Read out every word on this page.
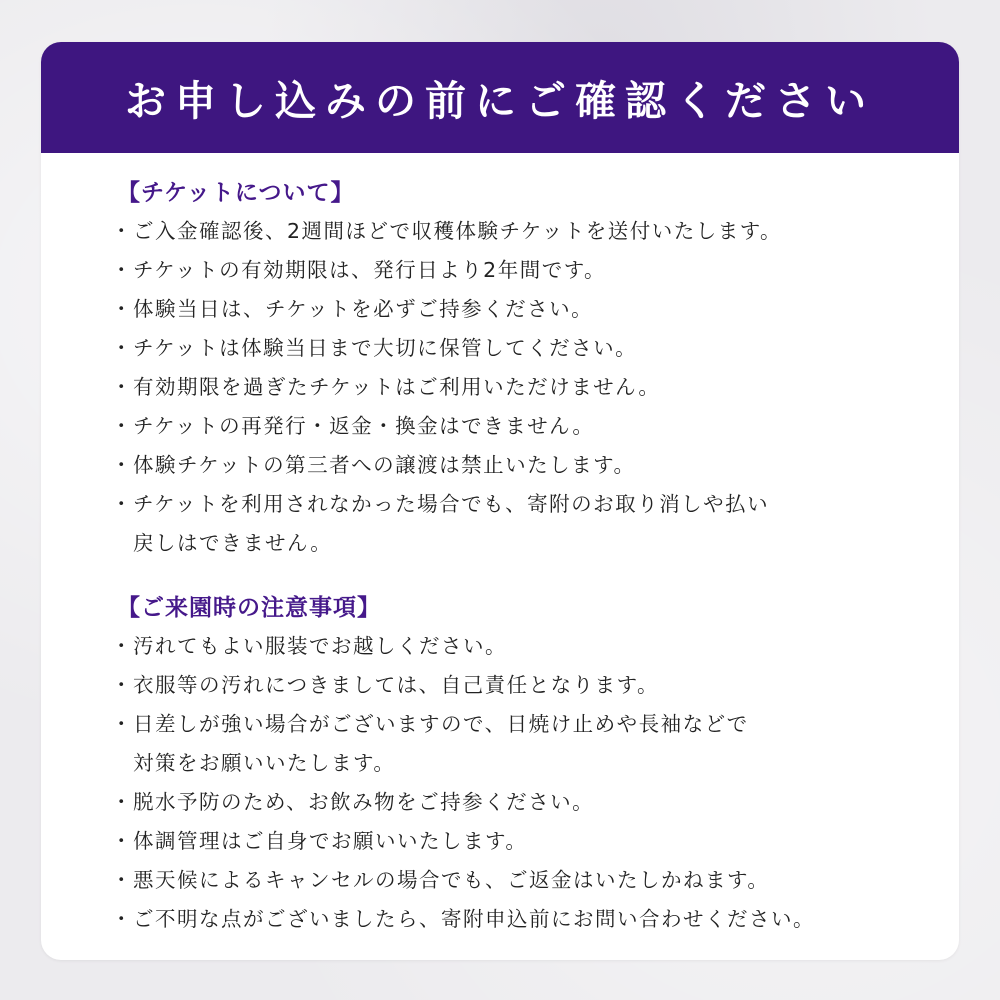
お申し込みの前にご確認ください
【チケットについて】
・ ご入金確認後、2週間ほどで収穫体験チケットを送付いたします。
・ チケットの有効期限は、発行日より2年間です。
・ 体験当日は、チケットを必ずご持参ください。
・ チケットは体験当日まで大切に保管してください。
・ 有効期限を過ぎたチケットはご利用いただけません。
・ チケットの再発行・返金・換金はできません。
・ 体験チケットの第三者への譲渡は禁止いたします。
・ チケットを利用されなかった場合でも、寄附のお取り消しや払い
戻しはできません。
【ご来園時の注意事項】
・ 汚れてもよい服装でお越しください。
・ 衣服等の汚れにつきましては、自己責任となります。
・ 日差しが強い場合がございますので、日焼け止めや長袖などで
対策をお願いいたします。
・ 脱水予防のため、お飲み物をご持参ください。
・ 体調管理はご自身でお願いいたします。
・ 悪天候によるキャンセルの場合でも、ご返金はいたしかねます。
・ ご不明な点がございましたら、寄附申込前にお問い合わせください。
